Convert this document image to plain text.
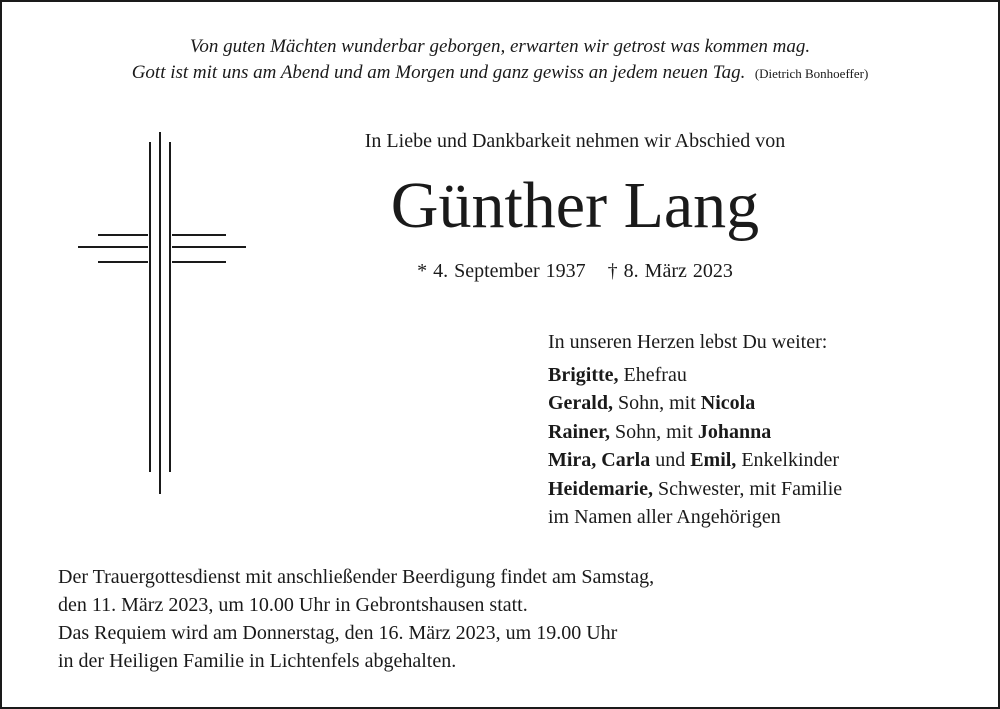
Von guten Mächten wunderbar geborgen, erwarten wir getrost was kommen mag.
Gott ist mit uns am Abend und am Morgen und ganz gewiss an jedem neuen Tag. (Dietrich Bonhoeffer)
In Liebe und Dankbarkeit nehmen wir Abschied von
Günther Lang
* 4. September 1937 † 8. März 2023
In unseren Herzen lebst Du weiter:
Brigitte, Ehefrau
Gerald, Sohn, mit Nicola
Rainer, Sohn, mit Johanna
Mira, Carla und Emil, Enkelkinder
Heidemarie, Schwester, mit Familie
im Namen aller Angehörigen
Der Trauergottesdienst mit anschließender Beerdigung findet am Samstag,
den 11. März 2023, um 10.00 Uhr in Gebrontshausen statt.
Das Requiem wird am Donnerstag, den 16. März 2023, um 19.00 Uhr
in der Heiligen Familie in Lichtenfels abgehalten.
